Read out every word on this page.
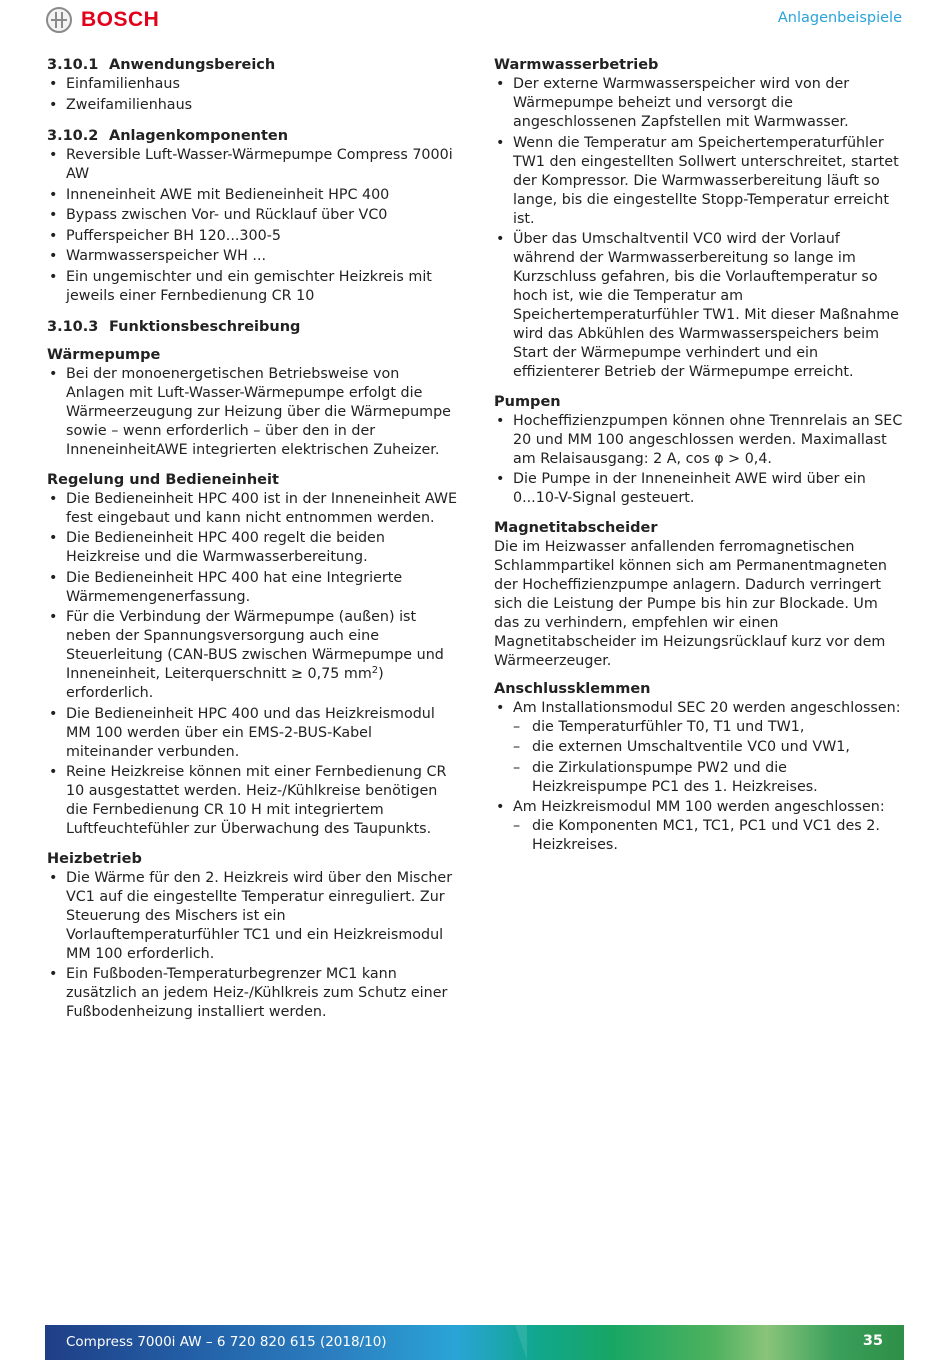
BOSCH	Anlagenbeispiele
3.10.1 Anwendungsbereich
• Einfamilienhaus
• Zweifamilienhaus
3.10.2 Anlagenkomponenten
• Reversible Luft-Wasser-Wärmepumpe Compress 7000i AW
• Inneneinheit AWE mit Bedieneinheit HPC 400
• Bypass zwischen Vor- und Rücklauf über VC0
• Pufferspeicher BH 120...300-5
• Warmwasserspeicher WH ...
• Ein ungemischter und ein gemischter Heizkreis mit jeweils einer Fernbedienung CR 10
3.10.3 Funktionsbeschreibung
Wärmepumpe
• Bei der monoenergetischen Betriebsweise von Anlagen mit Luft-Wasser-Wärmepumpe erfolgt die Wärmeerzeugung zur Heizung über die Wärmepumpe sowie – wenn erforderlich – über den in der InneneinheitAWE integrierten elektrischen Zuheizer.
Regelung und Bedieneinheit
• Die Bedieneinheit HPC 400 ist in der Inneneinheit AWE fest eingebaut und kann nicht entnommen werden.
• Die Bedieneinheit HPC 400 regelt die beiden Heizkreise und die Warmwasserbereitung.
• Die Bedieneinheit HPC 400 hat eine Integrierte Wärmemengenerfassung.
• Für die Verbindung der Wärmepumpe (außen) ist neben der Spannungsversorgung auch eine Steuerleitung (CAN-BUS zwischen Wärmepumpe und Inneneinheit, Leiterquerschnitt ≥ 0,75 $mm^2$) erforderlich.
• Die Bedieneinheit HPC 400 und das Heizkreismodul MM 100 werden über ein EMS-2-BUS-Kabel miteinander verbunden.
• Reine Heizkreise können mit einer Fernbedienung CR 10 ausgestattet werden. Heiz-/Kühlkreise benötigen die Fernbedienung CR 10 H mit integriertem Luftfeuchtefühler zur Überwachung des Taupunkts.
Heizbetrieb
• Die Wärme für den 2. Heizkreis wird über den Mischer VC1 auf die eingestellte Temperatur einreguliert. Zur Steuerung des Mischers ist ein Vorlauftemperaturfühler TC1 und ein Heizkreismodul MM 100 erforderlich.
• Ein Fußboden-Temperaturbegrenzer MC1 kann zusätzlich an jedem Heiz-/Kühlkreis zum Schutz einer Fußbodenheizung installiert werden.
Warmwasserbetrieb
• Der externe Warmwasserspeicher wird von der Wärmepumpe beheizt und versorgt die angeschlossenen Zapfstellen mit Warmwasser.
• Wenn die Temperatur am Speichertemperaturfühler TW1 den eingestellten Sollwert unterschreitet, startet der Kompressor. Die Warmwasserbereitung läuft so lange, bis die eingestellte Stopp-Temperatur erreicht ist.
• Über das Umschaltventil VC0 wird der Vorlauf während der Warmwasserbereitung so lange im Kurzschluss gefahren, bis die Vorlauftemperatur so hoch ist, wie die Temperatur am Speichertemperaturfühler TW1. Mit dieser Maßnahme wird das Abkühlen des Warmwasserspeichers beim Start der Wärmepumpe verhindert und ein effizienterer Betrieb der Wärmepumpe erreicht.
Pumpen
• Hocheffizienzpumpen können ohne Trennrelais an SEC 20 und MM 100 angeschlossen werden. Maximallast am Relaisausgang: 2 A, cos φ > 0,4.
• Die Pumpe in der Inneneinheit AWE wird über ein 0...10-V-Signal gesteuert.
Magnetitabscheider

Die im Heizwasser anfallenden ferromagnetischen Schlammpartikel können sich am Permanentmagneten der Hocheffizienzpumpe anlagern. Dadurch verringert sich die Leistung der Pumpe bis hin zur Blockade. Um das zu verhindern, empfehlen wir einen Magnetitabscheider im Heizungsrücklauf kurz vor dem Wärmeerzeuger.

Anschlussklemmen
• Am Installationsmodul SEC 20 werden angeschlossen:
– die Temperaturfühler T0, T1 und TW1,
– die externen Umschaltventile VC0 und VW1,
– die Zirkulationspumpe PW2 und die Heizkreispumpe PC1 des 1. Heizkreises.
• Am Heizkreismodul MM 100 werden angeschlossen:
– die Komponenten MC1, TC1, PC1 und VC1 des 2. Heizkreises.
Compress 7000i AW – 6 720 820 615 (2018/10)	35
